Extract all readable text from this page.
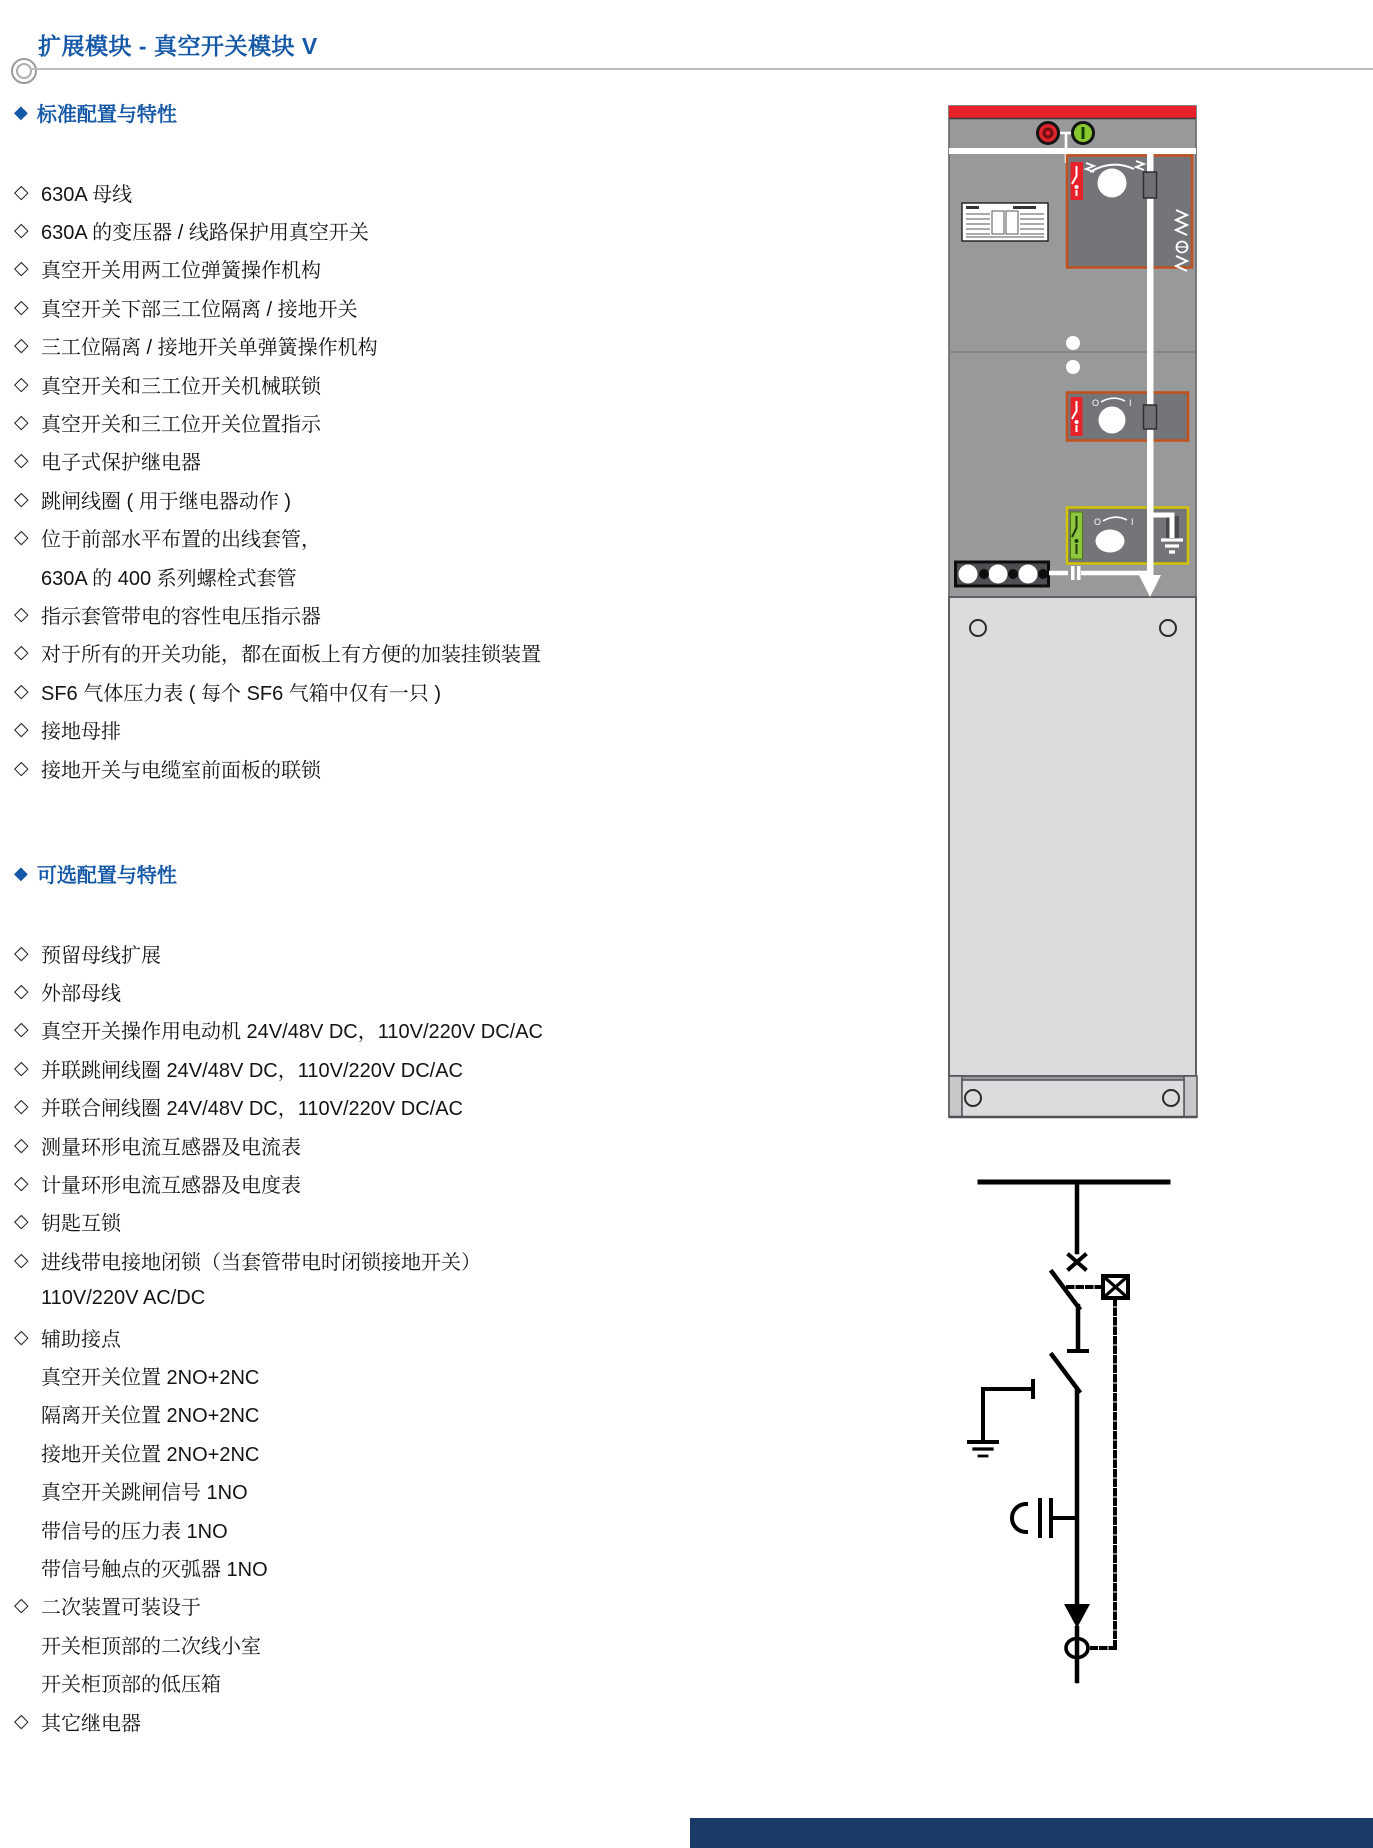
扩展模块 - 真空开关模块 V
◆ 标准配置与特性
◇ 630A 母线
◇ 630A 的变压器 / 线路保护用真空开关
◇ 真空开关用两工位弹簧操作机构
◇ 真空开关下部三工位隔离 / 接地开关
◇ 三工位隔离 / 接地开关单弹簧操作机构
◇ 真空开关和三工位开关机械联锁
◇ 真空开关和三工位开关位置指示
◇ 电子式保护继电器
◇ 跳闸线圈 ( 用于继电器动作 )
◇ 位于前部水平布置的出线套管，
630A 的 400 系列螺栓式套管
◇ 指示套管带电的容性电压指示器
◇ 对于所有的开关功能，都在面板上有方便的加装挂锁装置
◇ SF6 气体压力表 ( 每个 SF6 气箱中仅有一只 )
◇ 接地母排
◇ 接地开关与电缆室前面板的联锁
◆ 可选配置与特性
◇ 预留母线扩展
◇ 外部母线
◇ 真空开关操作用电动机 24V/48V DC，110V/220V DC/AC
◇ 并联跳闸线圈 24V/48V DC，110V/220V DC/AC
◇ 并联合闸线圈 24V/48V DC，110V/220V DC/AC
◇ 测量环形电流互感器及电流表
◇ 计量环形电流互感器及电度表
◇ 钥匙互锁
◇ 进线带电接地闭锁（当套管带电时闭锁接地开关）
110V/220V AC/DC
◇ 辅助接点
真空开关位置 2NO+2NC
隔离开关位置 2NO+2NC
接地开关位置 2NO+2NC
真空开关跳闸信号 1NO
带信号的压力表 1NO
带信号触点的灭弧器 1NO
◇ 二次装置可装设于
开关柜顶部的二次线小室
开关柜顶部的低压箱
◇ 其它继电器
O	I
O	I
